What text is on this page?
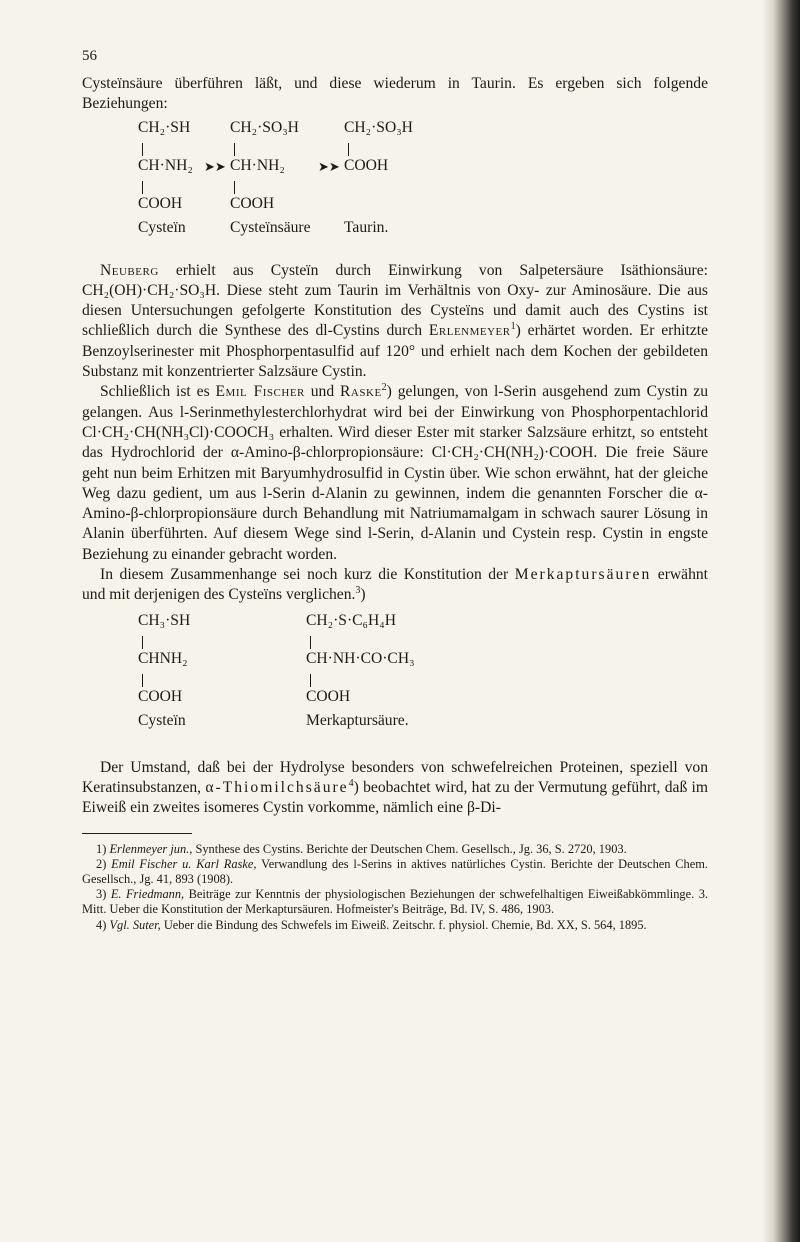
56

Cysteïnsäure überführen läßt, und diese wiederum in Taurin. Es ergeben sich folgende Beziehungen:

CH₂·SH
CH·NH₂
COOH
Cysteïn
➤➤
CH₂·SO₃H
CH·NH₂
COOH
Cysteïnsäure
➤➤
CH₂·SO₃H
COOH
Taurin.

Neuberg erhielt aus Cysteïn durch Einwirkung von Salpetersäure Isäthionsäure: CH₂(OH)·CH₂·SO₃H. Diese steht zum Taurin im Verhältnis von Oxy- zur Aminosäure. Die aus diesen Untersuchungen gefolgerte Konstitution des Cysteïns und damit auch des Cystins ist schließlich durch die Synthese des dl-Cystins durch Erlenmeyer$^1$) erhärtet worden. Er erhitzte Benzoylserinester mit Phosphorpentasulfid auf 120° und erhielt nach dem Kochen der gebildeten Substanz mit konzentrierter Salzsäure Cystin.

Schließlich ist es Emil Fischer und Raske$^2$) gelungen, von l-Serin ausgehend zum Cystin zu gelangen. Aus l-Serinmethylesterchlorhydrat wird bei der Einwirkung von Phosphorpentachlorid Cl·CH₂·CH(NH₃Cl)·COOCH₃ erhalten. Wird dieser Ester mit starker Salzsäure erhitzt, so entsteht das Hydrochlorid der α-Amino-β-chlorpropionsäure: Cl·CH₂·CH(NH₂)·COOH. Die freie Säure geht nun beim Erhitzen mit Baryumhydrosulfid in Cystin über. Wie schon erwähnt, hat der gleiche Weg dazu gedient, um aus l-Serin d-Alanin zu gewinnen, indem die genannten Forscher die α-Amino-β-chlorpropionsäure durch Behandlung mit Natriumamalgam in schwach saurer Lösung in Alanin überführten. Auf diesem Wege sind l-Serin, d-Alanin und Cystein resp. Cystin in engste Beziehung zu einander gebracht worden.

In diesem Zusammenhange sei noch kurz die Konstitution der Merkaptursäuren erwähnt und mit derjenigen des Cysteïns verglichen.$^3$)

CH₃·SH
CHNH₂
COOH
Cysteïn
CH₂·S·C₆H₄H
CH·NH·CO·CH₃
COOH
Merkaptursäure.

Der Umstand, daß bei der Hydrolyse besonders von schwefelreichen Proteinen, speziell von Keratinsubstanzen, α-Thiomilchsäure$^4$) beobachtet wird, hat zu der Vermutung geführt, daß im Eiweiß ein zweites isomeres Cystin vorkomme, nämlich eine β-Di-

1) Erlenmeyer jun., Synthese des Cystins. Berichte der Deutschen Chem. Gesellsch., Jg. 36, S. 2720, 1903.

2) Emil Fischer u. Karl Raske, Verwandlung des l-Serins in aktives natürliches Cystin. Berichte der Deutschen Chem. Gesellsch., Jg. 41, 893 (1908).

3) E. Friedmann, Beiträge zur Kenntnis der physiologischen Beziehungen der schwefelhaltigen Eiweißabkömmlinge. 3. Mitt. Ueber die Konstitution der Merkaptursäuren. Hofmeister's Beiträge, Bd. IV, S. 486, 1903.

4) Vgl. Suter, Ueber die Bindung des Schwefels im Eiweiß. Zeitschr. f. physiol. Chemie, Bd. XX, S. 564, 1895.
